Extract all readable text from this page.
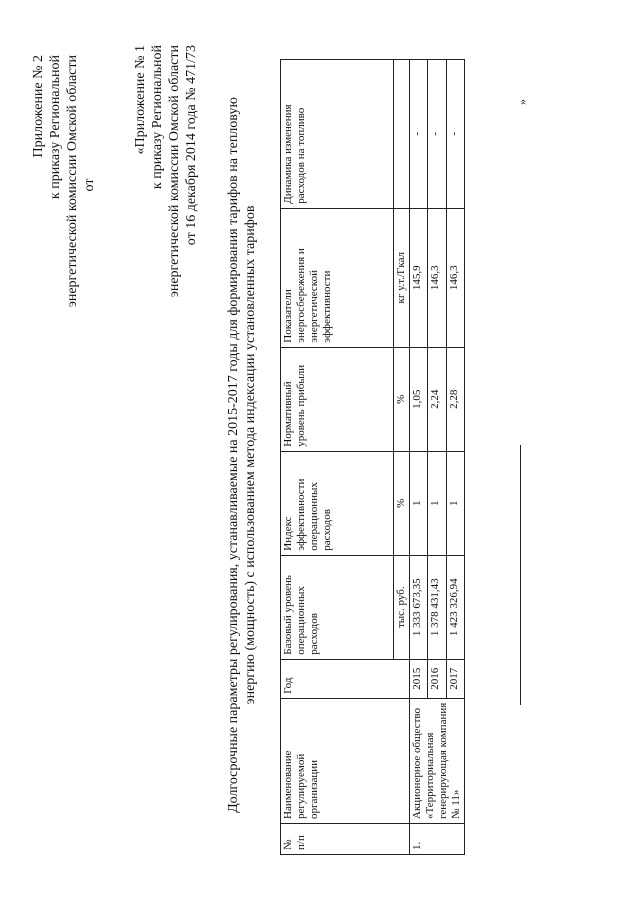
Приложение № 2 к приказу Региональной энергетической комиссии Омской области от
«Приложение № 1 к приказу Региональной энергетической комиссии Омской области от 16 декабря 2014 года № 471/73 Долгосрочные параметры регулирования, устанавливаемые на 2015-2017 годы для формирования тарифов на тепловую энергию (мощность) с использованием метода индексации установленных тарифов
№ п/п	Наименование регулируемой организации	Год	Базовый уровень операционных расходов	Индекс эффективности операционных расходов	Нормативный уровень прибыли	Показатели энергосбережения и энергетической эффективности	Динамика изменения расходов на топливо
			тыс. руб.	%	%	кг у.т./Гкал	
1.	Акционерное общество «Территориальная генерирующая компания № 11»	2015	1 333 673,35	1	1,05	145,9	-
		2016	1 378 431,43	1	2,24	146,3	-
		2017	1 423 326,94	1	2,28	146,3	-
»
